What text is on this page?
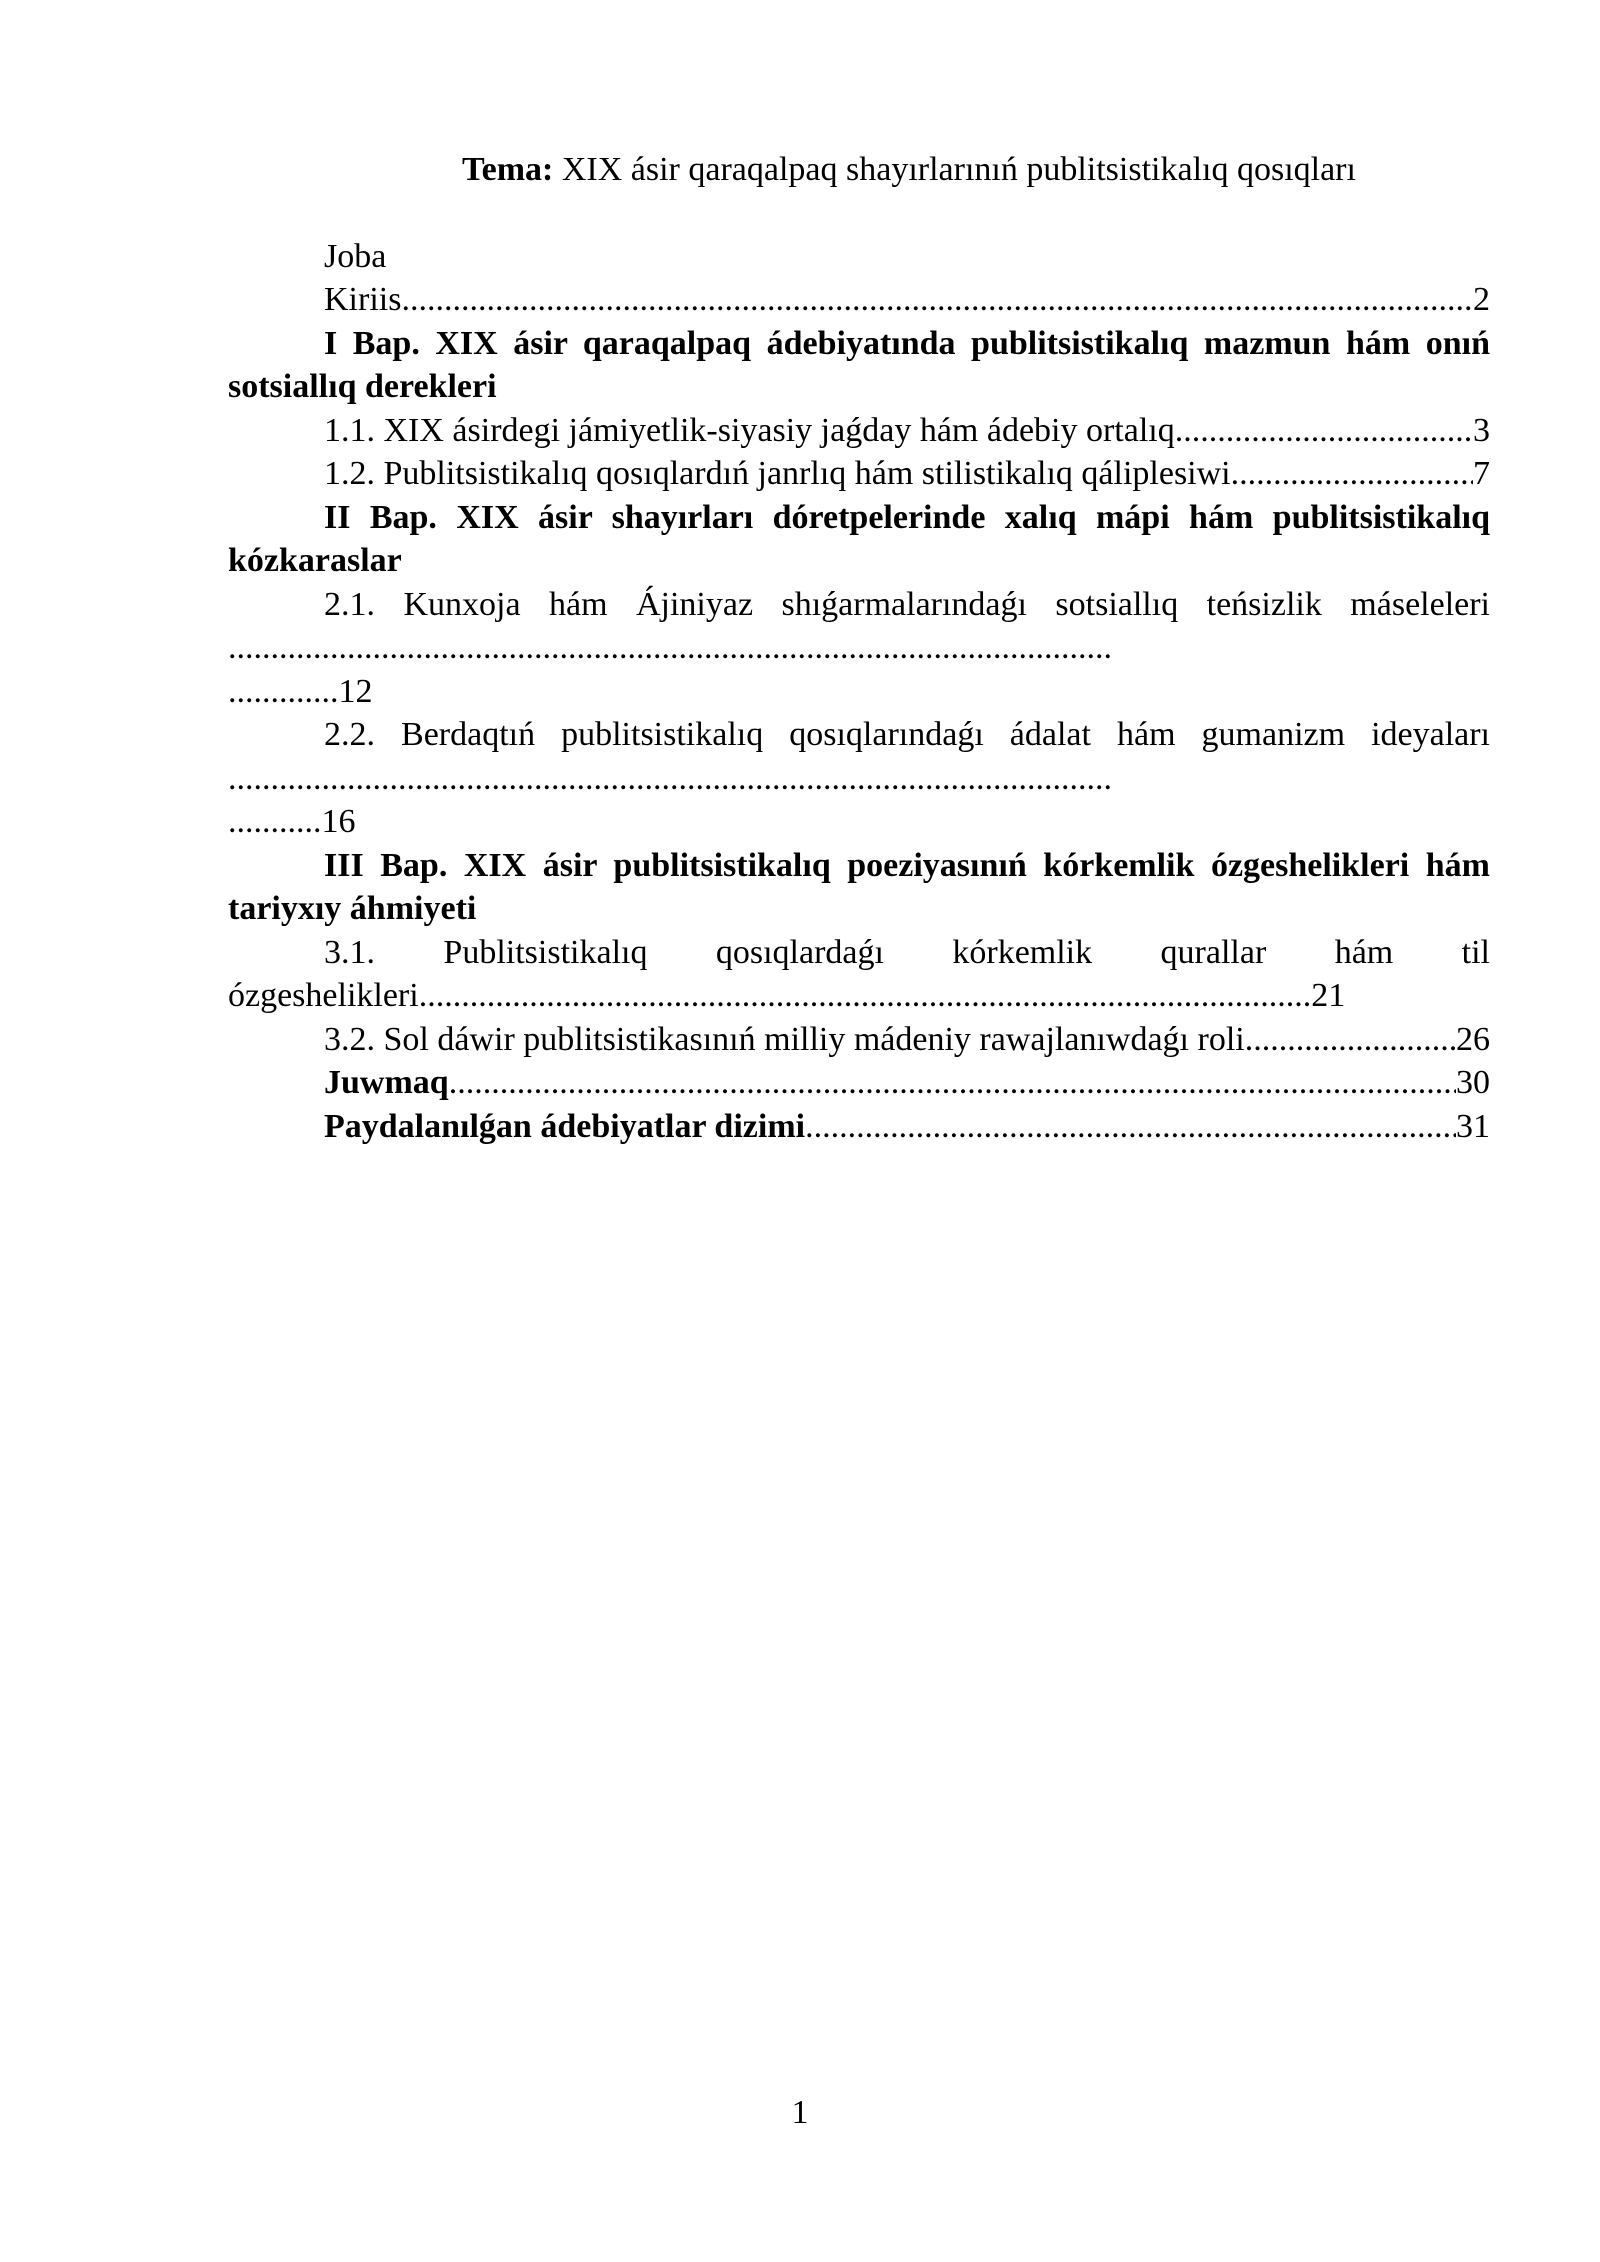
Tema: XIX ásir qaraqalpaq shayırlarınıń publitsistikalıq qosıqları
Joba
Kiriis .....	2

I Bap. XIX ásir qaraqalpaq ádebiyatında publitsistikalıq mazmun hám onıń sotsiallıq derekleri

1.1. XIX ásirdegi jámiyetlik-siyasiy jaǵday hám ádebiy ortalıq .....	3
1.2. Publitsistikalıq qosıqlardıń janrlıq hám stilistikalıq qáliplesiwi .....	7

II Bap. XIX ásir shayırları dóretpelerinde xalıq mápi hám publitsistikalıq kózkaraslar

2.1. Kunxoja hám Ájiniyaz shıǵarmalarındaǵı sotsiallıq teńsizlik máseleleri ........................................................................................................

.............12

2.2. Berdaqtıń publitsistikalıq qosıqlarındaǵı ádalat hám gumanizm ideyaları ........................................................................................................

...........16

III Bap. XIX ásir publitsistikalıq poeziyasınıń kórkemlik ózgeshelikleri hám tariyxıy áhmiyeti

3.1. Publitsistikalıq qosıqlardaǵı kórkemlik qurallar hám til ózgeshelikleri.........................................................................................................21

3.2. Sol dáwir publitsistikasınıń milliy mádeniy rawajlanıwdaǵı roli .....	26
Juwmaq .....	30
Paydalanılǵan ádebiyatlar dizimi .....	31
1
